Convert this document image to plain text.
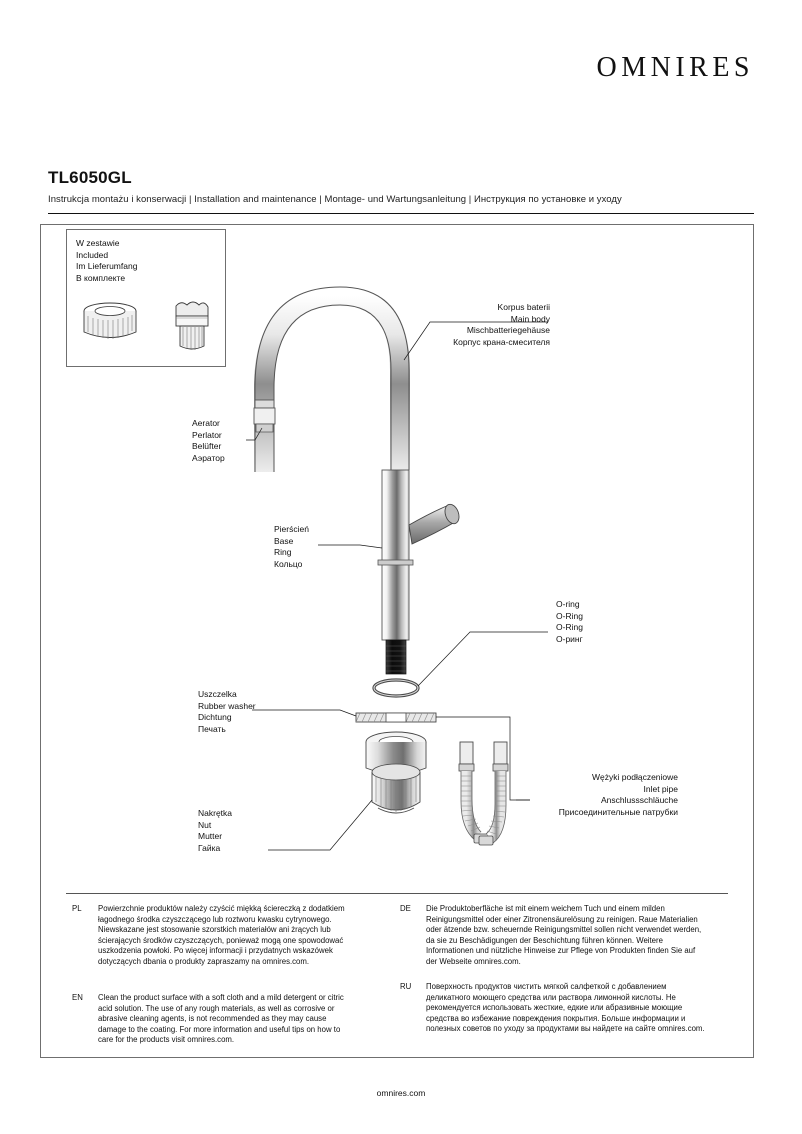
OMNIRES
TL6050GL
Instrukcja montażu i konserwacji | Installation and maintenance | Montage- und Wartungsanleitung | Инструкция по установке и уходу
W zestawie
Included
Im Lieferumfang
В комплекте
Korpus baterii
Main body
Mischbatteriegehäuse
Корпус крана-смесителя
Aerator
Perlator
Belüfter
Аэратор
Pierścień
Base
Ring
Кольцо
O-ring
O-Ring
O-Ring
О-ринг
Uszczelka
Rubber washer
Dichtung
Печать
Nakrętka
Nut
Mutter
Гайка
Wężyki podłączeniowe
Inlet pipe
Anschlussschläuche
Присоединительные патрубки
PL Powierzchnie produktów należy czyścić miękką ściereczką z dodatkiem łagodnego środka czyszczącego lub roztworu kwasku cytrynowego. Niewskazane jest stosowanie szorstkich materiałów ani żrących lub ścierających środków czyszczących, ponieważ mogą one spowodować uszkodzenia powłoki. Po więcej informacji i przydatnych wskazówek dotyczących dbania o produkty zapraszamy na omnires.com.
EN Clean the product surface with a soft cloth and a mild detergent or citric acid solution. The use of any rough materials, as well as corrosive or abrasive cleaning agents, is not recommended as they may cause damage to the coating. For more information and useful tips on how to care for the products visit omnires.com.
DE Die Produktoberfläche ist mit einem weichem Tuch und einem milden Reinigungsmittel oder einer Zitronensäurelösung zu reinigen. Raue Materialien oder ätzende bzw. scheuernde Reinigungsmittel sollen nicht verwendet werden, da sie zu Beschädigungen der Beschichtung führen können. Weitere Informationen und nützliche Hinweise zur Pflege von Produkten finden Sie auf der Webseite omnires.com.
RU Поверхность продуктов чистить мягкой салфеткой с добавлением деликатного моющего средства или раствора лимонной кислоты. Не рекомендуется использовать жесткие, едкие или абразивные моющие средства во избежание повреждения покрытия. Больше информации и полезных советов по уходу за продуктами вы найдете на сайте omnires.com.
omnires.com
